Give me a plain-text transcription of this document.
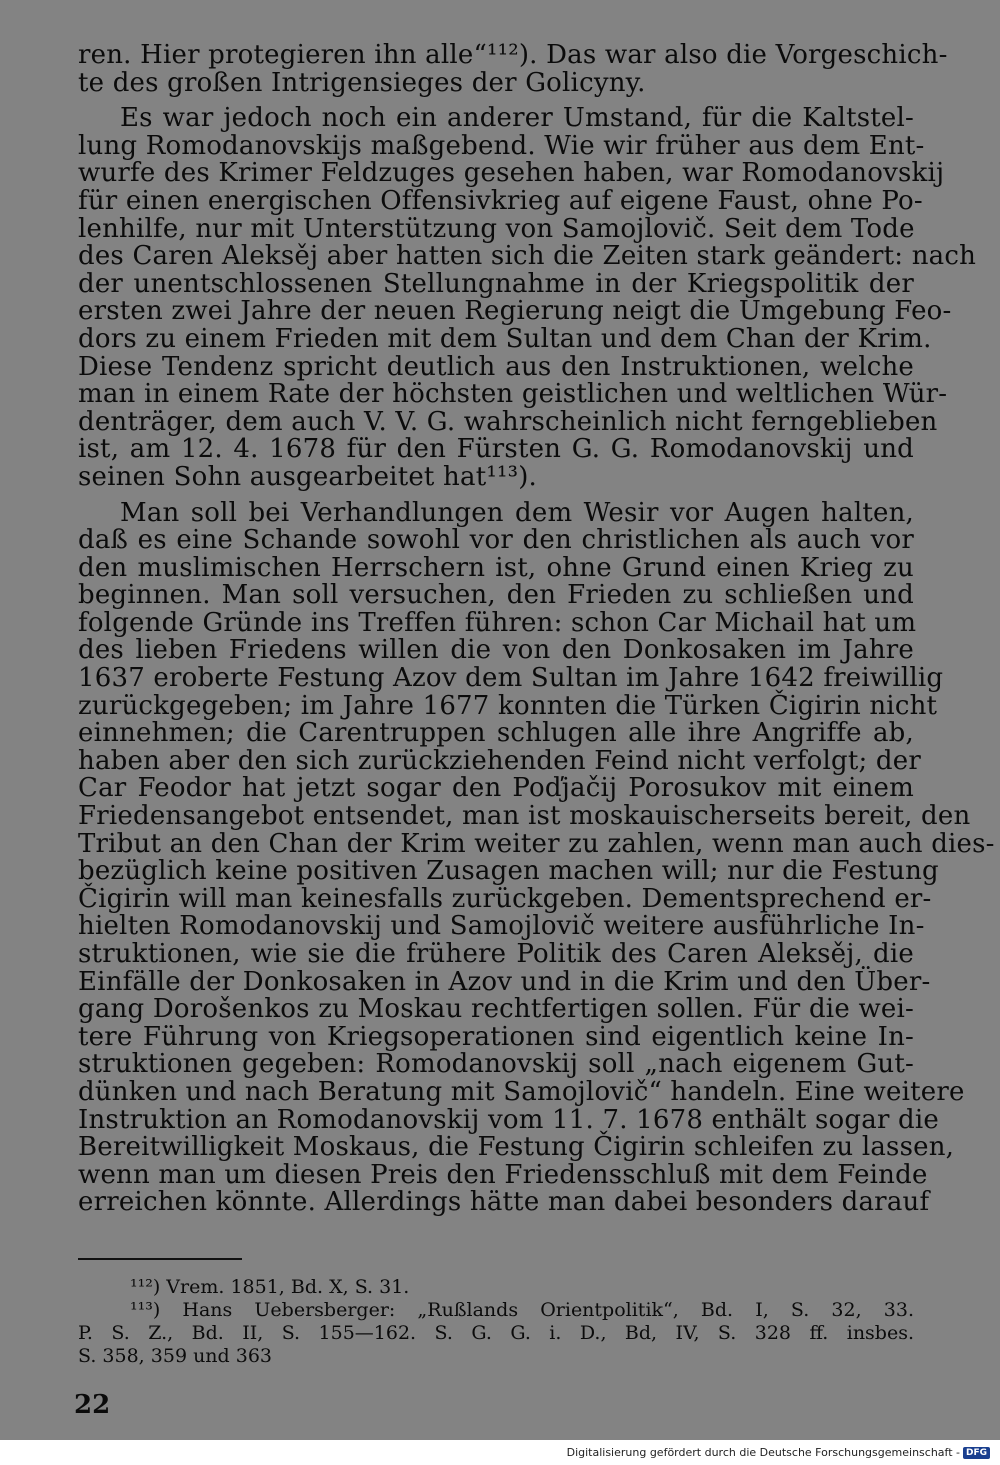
ren. Hier protegieren ihn alle“¹¹²). Das war also die Vorgeschich-
te des großen Intrigensieges der Golicyny.
Es war jedoch noch ein anderer Umstand, für die Kaltstel-
lung Romodanovskijs maßgebend. Wie wir früher aus dem Ent-
wurfe des Krimer Feldzuges gesehen haben, war Romodanovskij
für einen energischen Offensivkrieg auf eigene Faust, ohne Po-
lenhilfe, nur mit Unterstützung von Samojlovič. Seit dem Tode
des Caren Aleksěj aber hatten sich die Zeiten stark geändert: nach
der unentschlossenen Stellungnahme in der Kriegspolitik der
ersten zwei Jahre der neuen Regierung neigt die Umgebung Feo-
dors zu einem Frieden mit dem Sultan und dem Chan der Krim.
Diese Tendenz spricht deutlich aus den Instruktionen, welche
man in einem Rate der höchsten geistlichen und weltlichen Wür-
denträger, dem auch V. V. G. wahrscheinlich nicht ferngeblieben
ist, am 12. 4. 1678 für den Fürsten G. G. Romodanovskij und
seinen Sohn ausgearbeitet hat¹¹³).
Man soll bei Verhandlungen dem Wesir vor Augen halten,
daß es eine Schande sowohl vor den christlichen als auch vor
den muslimischen Herrschern ist, ohne Grund einen Krieg zu
beginnen. Man soll versuchen, den Frieden zu schließen und
folgende Gründe ins Treffen führen: schon Car Michail hat um
des lieben Friedens willen die von den Donkosaken im Jahre
1637 eroberte Festung Azov dem Sultan im Jahre 1642 freiwillig
zurückgegeben; im Jahre 1677 konnten die Türken Čigirin nicht
einnehmen; die Carentruppen schlugen alle ihre Angriffe ab,
haben aber den sich zurückziehenden Feind nicht verfolgt; der
Car Feodor hat jetzt sogar den Poďjačij Porosukov mit einem
Friedensangebot entsendet, man ist moskauischerseits bereit, den
Tribut an den Chan der Krim weiter zu zahlen, wenn man auch dies-
bezüglich keine positiven Zusagen machen will; nur die Festung
Čigirin will man keinesfalls zurückgeben. Dementsprechend er-
hielten Romodanovskij und Samojlovič weitere ausführliche In-
struktionen, wie sie die frühere Politik des Caren Aleksěj, die
Einfälle der Donkosaken in Azov und in die Krim und den Über-
gang Dorošenkos zu Moskau rechtfertigen sollen. Für die wei-
tere Führung von Kriegsoperationen sind eigentlich keine In-
struktionen gegeben: Romodanovskij soll „nach eigenem Gut-
dünken und nach Beratung mit Samojlovič“ handeln. Eine weitere
Instruktion an Romodanovskij vom 11. 7. 1678 enthält sogar die
Bereitwilligkeit Moskaus, die Festung Čigirin schleifen zu lassen,
wenn man um diesen Preis den Friedensschluß mit dem Feinde
erreichen könnte. Allerdings hätte man dabei besonders darauf
¹¹²) Vrem. 1851, Bd. X, S. 31.
¹¹³) Hans Uebersberger: „Rußlands Orientpolitik“, Bd. I, S. 32, 33.
P. S. Z., Bd. II, S. 155—162. S. G. G. i. D., Bd, IV, S. 328 ff. insbes.
S. 358, 359 und 363
22
Digitalisierung gefördert durch die Deutsche Forschungsgemeinschaft - DFG
